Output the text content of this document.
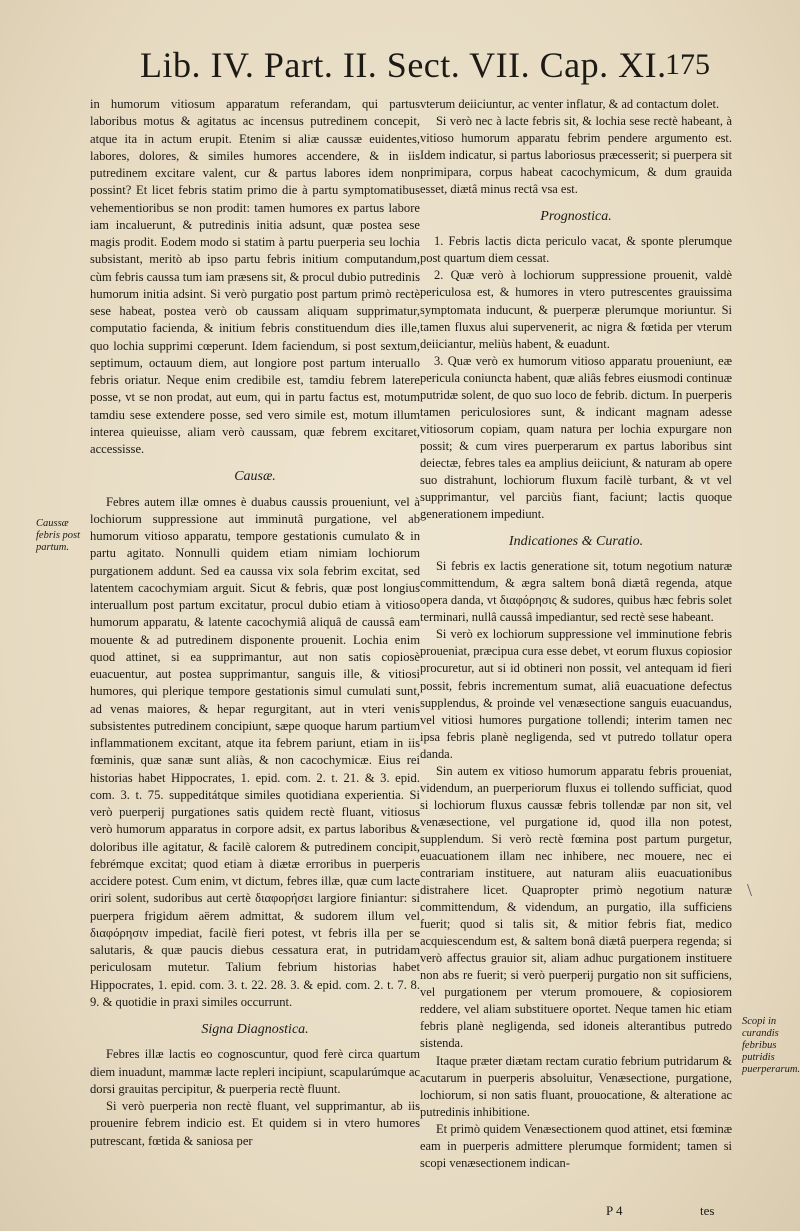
Lib. IV. Part. II. Sect. VII. Cap. XI.
175

in humorum vitiosum apparatum referandam, qui partus laboribus motus & agitatus ac incensus putredinem concepit, atque ita in actum erupit. Etenim si aliæ caussæ euidentes, labores, dolores, & similes humores accendere, & in iis putredinem excitare valent, cur & partus labores idem non possint? Et licet febris statim primo die à partu symptomatibus vehementioribus se non prodit: tamen humores ex partus labore iam incaluerunt, & putredinis initia adsunt, quæ postea sese magis prodit. Eodem modo si statim à partu puerperia seu lochia subsistant, meritò ab ipso partu febris initium computandum, cùm febris caussa tum iam præsens sit, & procul dubio putredinis humorum initia adsint. Si verò purgatio post partum primò rectè sese habeat, postea verò ob caussam aliquam supprimatur, computatio facienda, & initium febris constituendum dies ille, quo lochia supprimi cœperunt. Idem faciendum, si post sextum, septimum, octauum diem, aut longiore post partum interuallo febris oriatur. Neque enim credibile est, tamdiu febrem latere posse, vt se non prodat, aut eum, qui in partu factus est, motum tamdiu sese extendere posse, sed vero simile est, motum illum interea quieuisse, aliam verò caussam, quæ febrem excitaret, accessisse.

Causæ.

Febres autem illæ omnes è duabus caussis proueniunt, vel à lochiorum suppressione aut imminutâ purgatione, vel ab humorum vitioso apparatu, tempore gestationis cumulato & in partu agitato. Nonnulli quidem etiam nimiam lochiorum purgationem addunt. Sed ea caussa vix sola febrim excitat, sed latentem cacochymiam arguit. Sicut & febris, quæ post longius interuallum post partum excitatur, procul dubio etiam à vitioso humorum apparatu, & latente cacochymiâ aliquâ de caussâ eam mouente & ad putredinem disponente prouenit. Lochia enim quod attinet, si ea supprimantur, aut non satis copiosè euacuentur, aut postea supprimantur, sanguis ille, & vitiosi humores, qui plerique tempore gestationis simul cumulati sunt, ad venas maiores, & hepar regurgitant, aut in vteri venis subsistentes putredinem concipiunt, sæpe quoque harum partium inflammationem excitant, atque ita febrem pariunt, etiam in iis fœminis, quæ sanæ sunt aliàs, & non cacochymicæ. Eius rei historias habet Hippocrates, 1. epid. com. 2. t. 21. & 3. epid. com. 3. t. 75. suppeditátque similes quotidiana experientia. Si verò puerperij purgationes satis quidem rectè fluant, vitiosus verò humorum apparatus in corpore adsit, ex partus laboribus & doloribus ille agitatur, & facilè calorem & putredinem concipit, febrémque excitat; quod etiam à diætæ erroribus in puerperis accidere potest. Cum enim, vt dictum, febres illæ, quæ cum lacte oriri solent, sudoribus aut certè διαφορήσει largiore finiantur: si puerpera frigidum aërem admittat, & sudorem illum vel διαφόρησιν impediat, facilè fieri potest, vt febris illa per se salutaris, & quæ paucis diebus cessatura erat, in putridam periculosam mutetur. Talium febrium historias habet Hippocrates, 1. epid. com. 3. t. 22. 28. 3. & epid. com. 2. t. 7. 8. 9. & quotidie in praxi similes occurrunt.

Signa Diagnostica.

Febres illæ lactis eo cognoscuntur, quod ferè circa quartum diem inuadunt, mammæ lacte repleri incipiunt, scapularúmque ac dorsi grauitas percipitur, & puerperia rectè fluunt.

Si verò puerperia non rectè fluant, vel supprimantur, ab iis prouenire febrem indicio est. Et quidem si in vtero humores putrescant, fœtida & saniosa per

vterum deiiciuntur, ac venter inflatur, & ad contactum dolet.

Si verò nec à lacte febris sit, & lochia sese rectè habeant, à vitioso humorum apparatu febrim pendere argumento est. Idem indicatur, si partus laboriosus præcesserit; si puerpera sit primipara, corpus habeat cacochymicum, & dum grauida esset, diætâ minus rectâ vsa est.

Prognostica.

1. Febris lactis dicta periculo vacat, & sponte plerumque post quartum diem cessat.

2. Quæ verò à lochiorum suppressione prouenit, valdè periculosa est, & humores in vtero putrescentes grauissima symptomata inducunt, & puerperæ plerumque moriuntur. Si tamen fluxus alui supervenerit, ac nigra & fœtida per vterum deiiciantur, meliùs habent, & euadunt.

3. Quæ verò ex humorum vitioso apparatu proueniunt, eæ pericula coniuncta habent, quæ aliâs febres eiusmodi continuæ putridæ solent, de quo suo loco de febrib. dictum. In puerperis tamen periculosiores sunt, & indicant magnam adesse vitiosorum copiam, quam natura per lochia expurgare non possit; & cum vires puerperarum ex partus laboribus sint deiectæ, febres tales ea amplius deiiciunt, & naturam ab opere suo distrahunt, lochiorum fluxum facilè turbant, & vt vel supprimantur, vel parciùs fiant, faciunt; lactis quoque generationem impediunt.

Indicationes & Curatio.

Si febris ex lactis generatione sit, totum negotium naturæ committendum, & ægra saltem bonâ diætâ regenda, atque opera danda, vt διαφόρησις & sudores, quibus hæc febris solet terminari, nullâ caussâ impediantur, sed rectè sese habeant.

Si verò ex lochiorum suppressione vel imminutione febris proueniat, præcipua cura esse debet, vt eorum fluxus copiosior procuretur, aut si id obtineri non possit, vel antequam id fieri possit, febris incrementum sumat, aliâ euacuatione defectus supplendus, & proinde vel venæsectione sanguis euacuandus, vel vitiosi humores purgatione tollendi; interim tamen nec ipsa febris planè negligenda, sed vt putredo tollatur opera danda.

Sin autem ex vitioso humorum apparatu febris proueniat, videndum, an puerperiorum fluxus ei tollendo sufficiat, quod si lochiorum fluxus caussæ febris tollendæ par non sit, vel venæsectione, vel purgatione id, quod illa non potest, supplendum. Si verò rectè fœmina post partum purgetur, euacuationem illam nec inhibere, nec mouere, nec ei contrariam instituere, aut naturam aliis euacuationibus distrahere licet. Quapropter primò negotium naturæ committendum, & videndum, an purgatio, illa sufficiens fuerit; quod si talis sit, & mitior febris fiat, medico acquiescendum est, & saltem bonâ diætâ puerpera regenda; si verò affectus grauior sit, aliam adhuc purgationem instituere non abs re fuerit; si verò puerperij purgatio non sit sufficiens, vel purgationem per vterum promouere, & copiosiorem reddere, vel aliam substituere oportet. Neque tamen hic etiam febris planè negligenda, sed idoneis alterantibus putredo sistenda.

Itaque præter diætam rectam curatio febrium putridarum & acutarum in puerperis absoluitur, Venæsectione, purgatione, lochiorum, si non satis fluant, prouocatione, & alteratione ac putredinis inhibitione.

Et primò quidem Venæsectionem quod attinet, etsi fœminæ eam in puerperis admittere plerumque formident; tamen si scopi venæsectionem indican-

Caussæ febris post partum.
Scopi in curandis febribus putridis puerperarum.
\
P 4	tes
